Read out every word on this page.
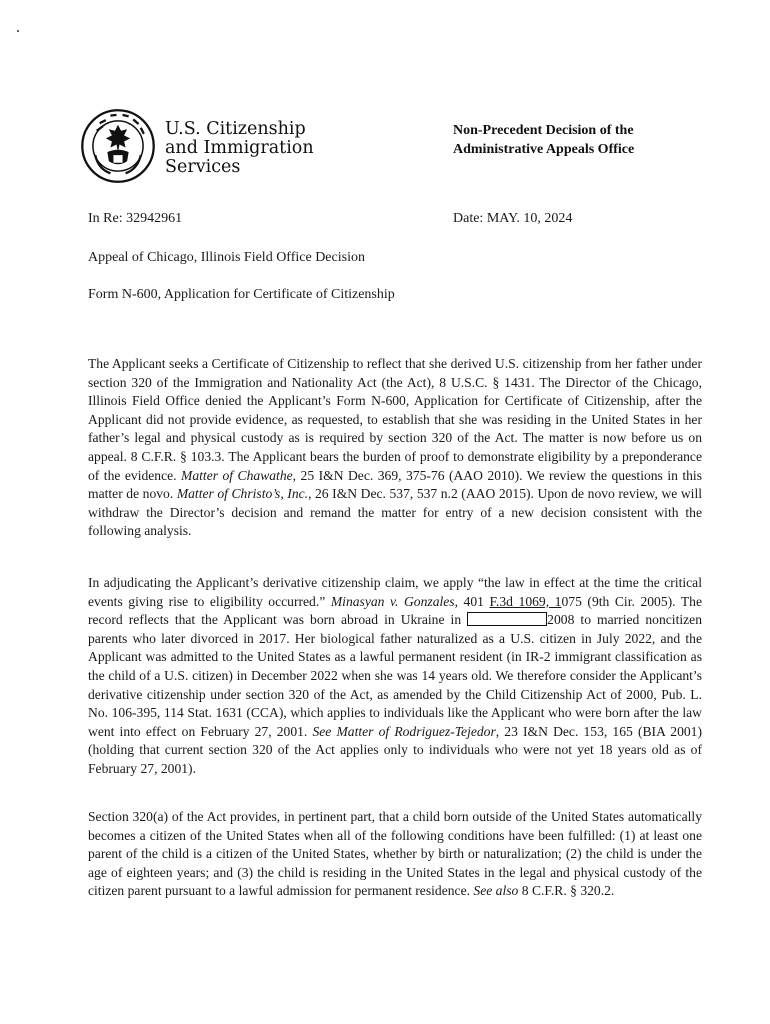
U.S. Citizenship
and Immigration
Services
Non-Precedent Decision of the
Administrative Appeals Office
In Re: 32942961	Date: MAY. 10, 2024
Appeal of Chicago, Illinois Field Office Decision
Form N-600, Application for Certificate of Citizenship
The Applicant seeks a Certificate of Citizenship to reflect that she derived U.S. citizenship from her father under section 320 of the Immigration and Nationality Act (the Act), 8 U.S.C. § 1431. The Director of the Chicago, Illinois Field Office denied the Applicant’s Form N-600, Application for Certificate of Citizenship, after the Applicant did not provide evidence, as requested, to establish that she was residing in the United States in her father’s legal and physical custody as is required by section 320 of the Act. The matter is now before us on appeal. 8 C.F.R. § 103.3. The Applicant bears the burden of proof to demonstrate eligibility by a preponderance of the evidence. Matter of Chawathe, 25 I&N Dec. 369, 375-76 (AAO 2010). We review the questions in this matter de novo. Matter of Christo’s, Inc., 26 I&N Dec. 537, 537 n.2 (AAO 2015). Upon de novo review, we will withdraw the Director’s decision and remand the matter for entry of a new decision consistent with the following analysis.
In adjudicating the Applicant’s derivative citizenship claim, we apply “the law in effect at the time the critical events giving rise to eligibility occurred.” Minasyan v. Gonzales, 401 F.3d 1069, 1075 (9th Cir. 2005). The record reflects that the Applicant was born abroad in Ukraine in	2008 to married noncitizen parents who later divorced in 2017. Her biological father naturalized as a U.S. citizen in July 2022, and the Applicant was admitted to the United States as a lawful permanent resident (in IR-2 immigrant classification as the child of a U.S. citizen) in December 2022 when she was 14 years old. We therefore consider the Applicant’s derivative citizenship under section 320 of the Act, as amended by the Child Citizenship Act of 2000, Pub. L. No. 106-395, 114 Stat. 1631 (CCA), which applies to individuals like the Applicant who were born after the law went into effect on February 27, 2001. See Matter of Rodriguez-Tejedor, 23 I&N Dec. 153, 165 (BIA 2001) (holding that current section 320 of the Act applies only to individuals who were not yet 18 years old as of February 27, 2001).
Section 320(a) of the Act provides, in pertinent part, that a child born outside of the United States automatically becomes a citizen of the United States when all of the following conditions have been fulfilled: (1) at least one parent of the child is a citizen of the United States, whether by birth or naturalization; (2) the child is under the age of eighteen years; and (3) the child is residing in the United States in the legal and physical custody of the citizen parent pursuant to a lawful admission for permanent residence. See also 8 C.F.R. § 320.2.
